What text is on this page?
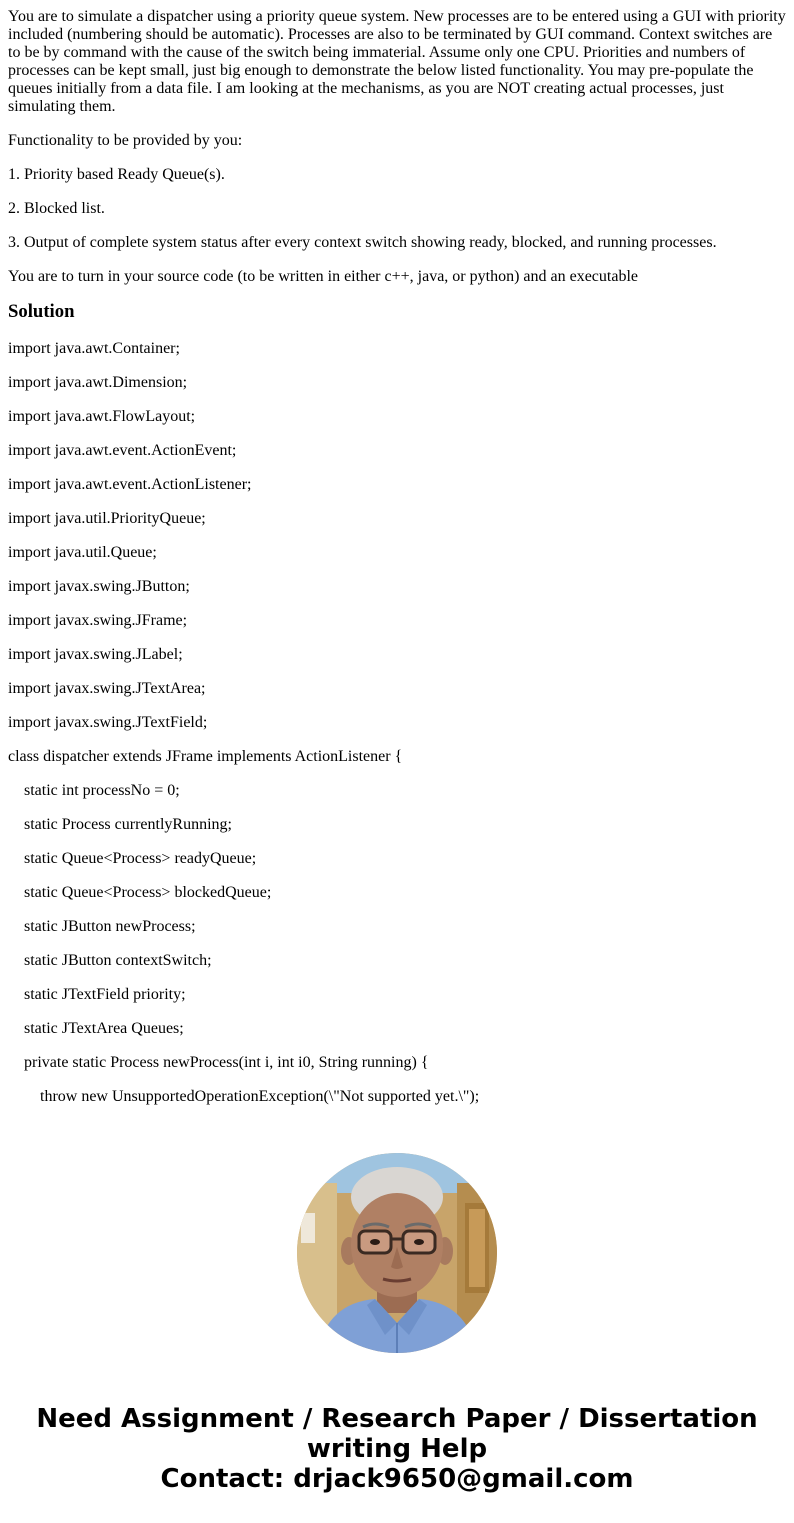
You are to simulate a dispatcher using a priority queue system. New processes are to be entered using a GUI with priority included (numbering should be automatic). Processes are also to be terminated by GUI command. Context switches are to be by command with the cause of the switch being immaterial. Assume only one CPU. Priorities and numbers of processes can be kept small, just big enough to demonstrate the below listed functionality. You may pre-populate the queues initially from a data file. I am looking at the mechanisms, as you are NOT creating actual processes, just simulating them.

Functionality to be provided by you:

1. Priority based Ready Queue(s).

2. Blocked list.

3. Output of complete system status after every context switch showing ready, blocked, and running processes.

You are to turn in your source code (to be written in either c++, java, or python) and an executable

Solution

import java.awt.Container;

import java.awt.Dimension;

import java.awt.FlowLayout;

import java.awt.event.ActionEvent;

import java.awt.event.ActionListener;

import java.util.PriorityQueue;

import java.util.Queue;

import javax.swing.JButton;

import javax.swing.JFrame;

import javax.swing.JLabel;

import javax.swing.JTextArea;

import javax.swing.JTextField;

class dispatcher extends JFrame implements ActionListener {

static int processNo = 0;

static Process currentlyRunning;

static Queue<Process> readyQueue;

static Queue<Process> blockedQueue;

static JButton newProcess;

static JButton contextSwitch;

static JTextField priority;

static JTextArea Queues;

private static Process newProcess(int i, int i0, String running) {

throw new UnsupportedOperationException(\"Not supported yet.\");

Need Assignment / Research Paper / Dissertation
writing Help
Contact: drjack9650@gmail.com
